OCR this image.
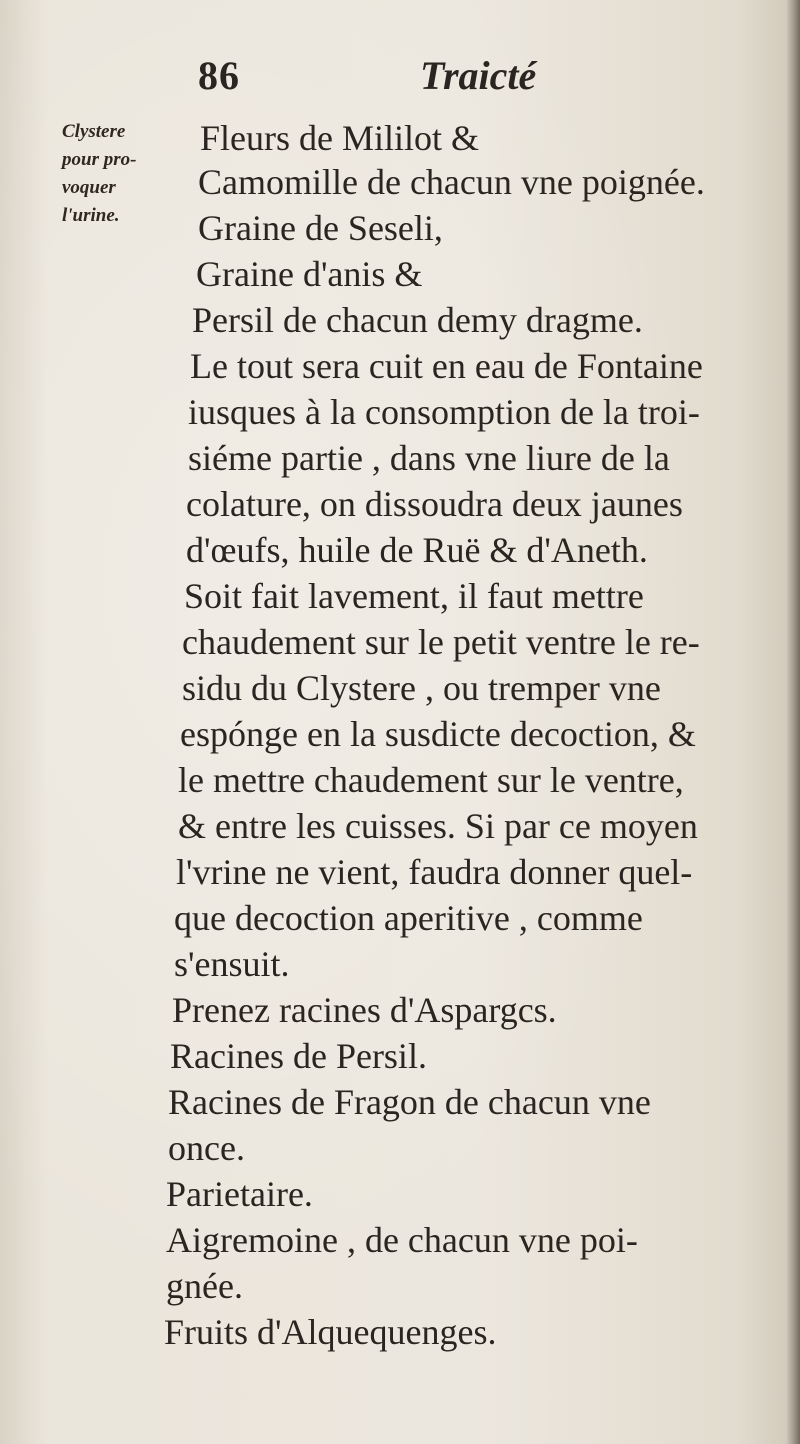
86	Traicté
Clystere
pour pro-
voquer
l'urine.
Fleurs de Mililot &
Camomille de chacun vne poignée.
Graine de Seseli,
Graine d'anis &
Persil de chacun demy dragme.
Le tout sera cuit en eau de Fontaine
iusques à la consomption de la troi-
siéme partie , dans vne liure de la
colature, on dissoudra deux jaunes
d'œufs, huile de Ruë & d'Aneth.
Soit fait lavement, il faut mettre
chaudement sur le petit ventre le re-
sidu du Clystere , ou tremper vne
espónge en la susdicte decoction, &
le mettre chaudement sur le ventre,
& entre les cuisses. Si par ce moyen
l'vrine ne vient, faudra donner quel-
que decoction aperitive , comme
s'ensuit.
Prenez racines d'Aspargcs.
Racines de Persil.
Racines de Fragon de chacun vne
once.
Parietaire.
Aigremoine , de chacun vne poi-
gnée.
Fruits d'Alquequenges.
